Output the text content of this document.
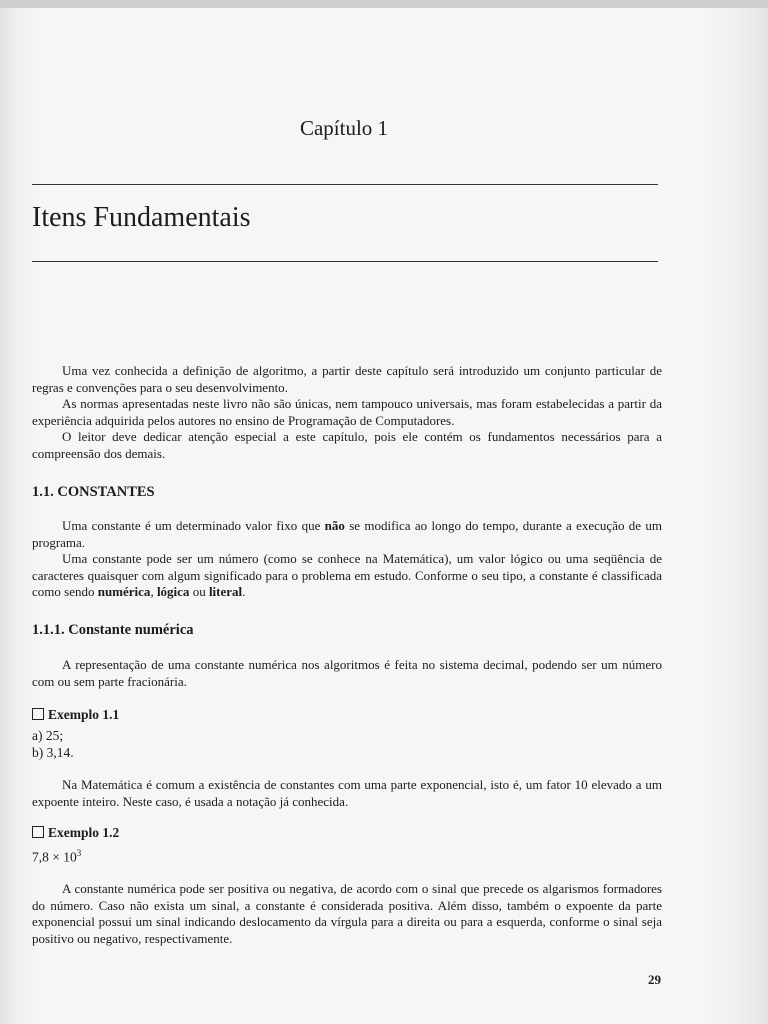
Capítulo 1
Itens Fundamentais

Uma vez conhecida a definição de algoritmo, a partir deste capítulo será introduzido um conjunto particular de regras e convenções para o seu desenvolvimento.

As normas apresentadas neste livro não são únicas, nem tampouco universais, mas foram estabelecidas a partir da experiência adquirida pelos autores no ensino de Programação de Computadores.

O leitor deve dedicar atenção especial a este capítulo, pois ele contém os fundamentos necessários para a compreensão dos demais.

1.1. CONSTANTES

Uma constante é um determinado valor fixo que não se modifica ao longo do tempo, durante a execução de um programa.

Uma constante pode ser um número (como se conhece na Matemática), um valor lógico ou uma seqüência de caracteres quaisquer com algum significado para o problema em estudo. Conforme o seu tipo, a constante é classificada como sendo numérica, lógica ou literal.

1.1.1. Constante numérica

A representação de uma constante numérica nos algoritmos é feita no sistema decimal, podendo ser um número com ou sem parte fracionária.

Exemplo 1.1
a) 25;
b) 3,14.

Na Matemática é comum a existência de constantes com uma parte exponencial, isto é, um fator 10 elevado a um expoente inteiro. Neste caso, é usada a notação já conhecida.

Exemplo 1.2
$7,8 \times 10^3$

A constante numérica pode ser positiva ou negativa, de acordo com o sinal que precede os algarismos formadores do número. Caso não exista um sinal, a constante é considerada positiva. Além disso, também o expoente da parte exponencial possui um sinal indicando deslocamento da vírgula para a direita ou para a esquerda, conforme o sinal seja positivo ou negativo, respectivamente.

29
